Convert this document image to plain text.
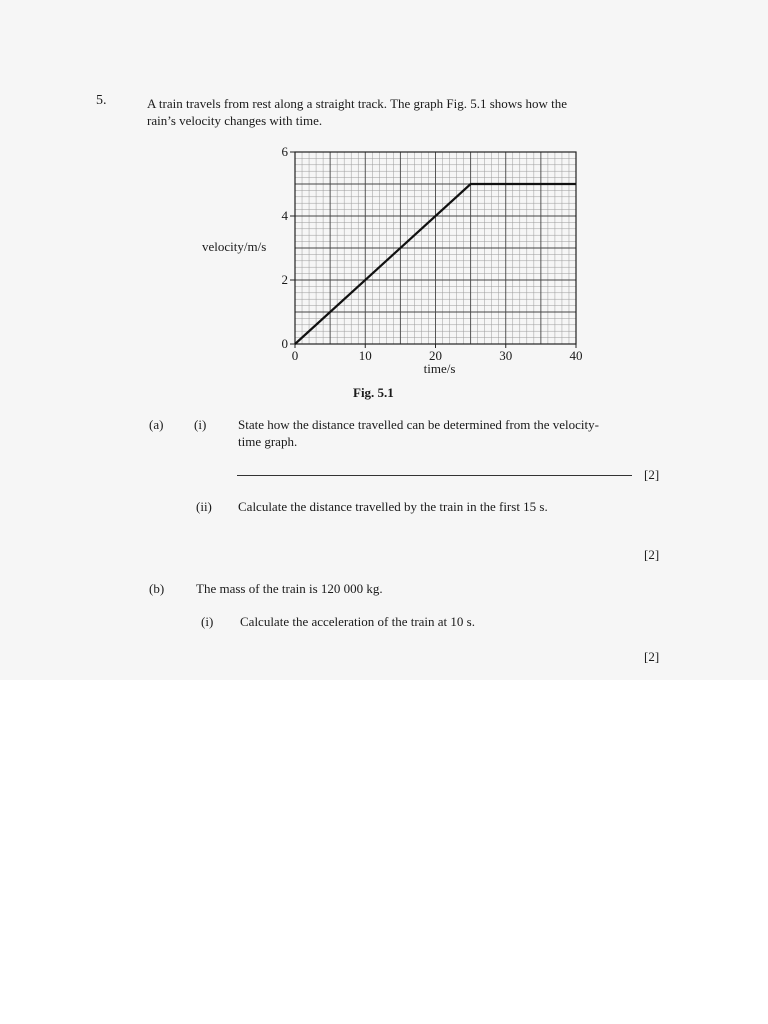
5.	A train travels from rest along a straight track. The graph Fig. 5.1 shows how the
rain’s velocity changes with time.
velocity/m/s
0	10	20	30	40
0
2
4
6
time/s
Fig. 5.1
(a) (i) State how the distance travelled can be determined from the velocity-
time graph.
[2]
(ii) Calculate the distance travelled by the train in the first 15 s.
[2]
(b) The mass of the train is 120 000 kg.
(i) Calculate the acceleration of the train at 10 s.
[2]
